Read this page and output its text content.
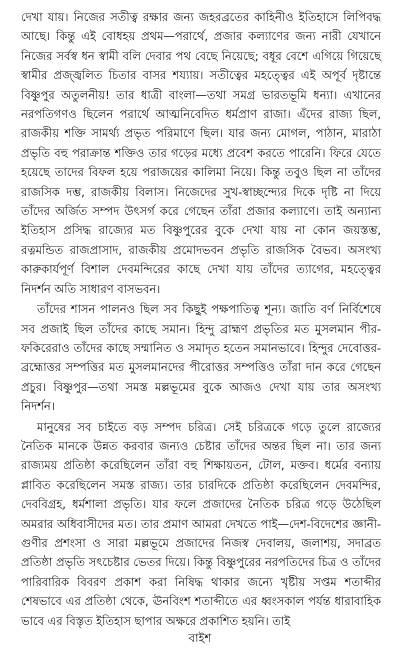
দেখা যায়। নিজের সতীত্ব রক্ষার জন্য জহরব্রতের কাহিনীও ইতিহাসে লিপিবদ্ধ আছে। কিন্তু এই বোধহয় প্রথম—পরার্থে, প্রজার কল্যাণের জন্য নারী যেখানে নিজের সর্বস্ব ধন স্বামী বলি দেবার পথ বেছে নিয়েছে; বধূর বেশে এগিয়ে গিয়েছে স্বামীর প্রজ্জ্বলিত চিতার বাসর শয্যায়। সতীত্বের মহত্ত্বের এই অপূর্ব দৃষ্টান্তে বিষ্ণুপুর অতুলনীয়! তার ধাত্রী বাংলা—তথা সমগ্র ভারতভূমি ধন্যা। এখানের নরপতিগণও ছিলেন পরার্থে আত্মনিবেদিত ধর্মপ্রাণ রাজা। এঁদের রাজ্য ছিল, রাজকীয় শক্তি সামর্থ্য প্রভৃত পরিমাণে ছিল। যার জন্য মোগল, পাঠান, মারাঠা প্রভৃতি বহু পরাক্রান্ত শক্তিও তার গড়ের মধ্যে প্রবেশ করতে পারেনি। ফিরে যেতে হয়েছে তাদের বিফল হয়ে পরাজয়ের কালিমা নিয়ে। কিন্তু তবুও ছিল না তাঁদের রাজসিক দম্ভ, রাজকীয় বিলাস। নিজেদের সুখ-স্বাচ্ছন্দ্যের দিকে দৃষ্টি না দিয়ে তাঁদের অর্জিত সম্পদ উৎসর্গ করে গেছেন তাঁরা প্রজার কল্যাণে। তাই অন্যান্য ইতিহাস প্রসিদ্ধ রাজ্যের মত বিষ্ণুপুরের বুকে দেখা যায় না কোন জয়স্তম্ভ, রত্নমন্ডিত রাজপ্রাসাদ, রাজকীয় প্রমোদভবন প্রভৃতি রাজসিক বৈভব। অসংখ্য কারুকার্যপূর্ণ বিশাল দেবমন্দিরের কাছে দেখা যায় তাঁদের ত্যাগের, মহত্ত্বের নিদর্শন অতি সাধারণ বাসভবন।

তাঁদের শাসন পালনও ছিল সব কিছুই পক্ষপাতিত্ব শূন্য। জাতি বর্ণ নির্বিশেষে সব প্রজাই ছিল তাঁদের কাছে সমান। হিন্দু ব্রাহ্মণ প্রভৃতির মত মুসলমান পীর-ফকিরেরাও তাঁদের কাছে সম্মানিত ও সমাদৃত হতেন সমানভাবে। হিন্দুর দেবোত্তর-ব্রহ্মোত্তর সম্পত্তির মত মুসলমানদের পীরোত্তর সম্পত্তিও তাঁরা দান করে গেছেন প্রচুর। বিষ্ণুপুর—তথা সমস্ত মল্লভূমের বুকে আজও দেখা যায় তার অসংখ্য নিদর্শন।

মানুষের সব চাইতে বড় সম্পদ চরিত্র। সেই চরিত্রকে গড়ে তুলে রাজ্যের নৈতিক মানকে উন্নত করবার জন্যও চেষ্টার তাঁদের অন্তর ছিল না। তার জন্য রাজ্যময় প্রতিষ্ঠা করেছিলেন তাঁরা বহু শিক্ষায়তন, টোল, মক্তব। ধর্মের বন্যায় প্লাবিত করেছিলেন সমস্ত রাজ্য। তার চারদিকে প্রতিষ্ঠা করেছিলেন দেবমন্দির, দেববিগ্রহ, ধর্মশালা প্রভৃতি। যার ফলে প্রজাদের নৈতিক চরিত্র গড়ে উঠেছিল অমরার অধিবাসীদের মত। তার প্রমাণ আমরা দেখতে পাই—দেশ-বিদেশের জ্ঞানী-গুণীর প্রশংসা ও সারা মল্লভূমে প্রজাদের নিজস্ব দেবালয়, জলাশয়, সদাব্রত প্রতিষ্ঠা প্রভৃতি সৎচেষ্টার ভেতর দিয়ে। কিন্তু বিষ্ণুপুরের নরপতিদের চিত্র ও তাঁদের পারিবারিক বিবরণ প্রকাশ করা নিষিদ্ধ থাকার জন্যে খৃষ্টীয় সপ্তম শতাব্দীর শেষভাবে এর প্রতিষ্ঠা থেকে, ঊনবিংশ শতাব্দীতে এর ধ্বংসকাল পর্যন্ত ধারাবাহিক ভাবে এর বিস্তৃত ইতিহাস ছাপার অক্ষরে প্রকাশিত হয়নি। তাই

বাইশ
